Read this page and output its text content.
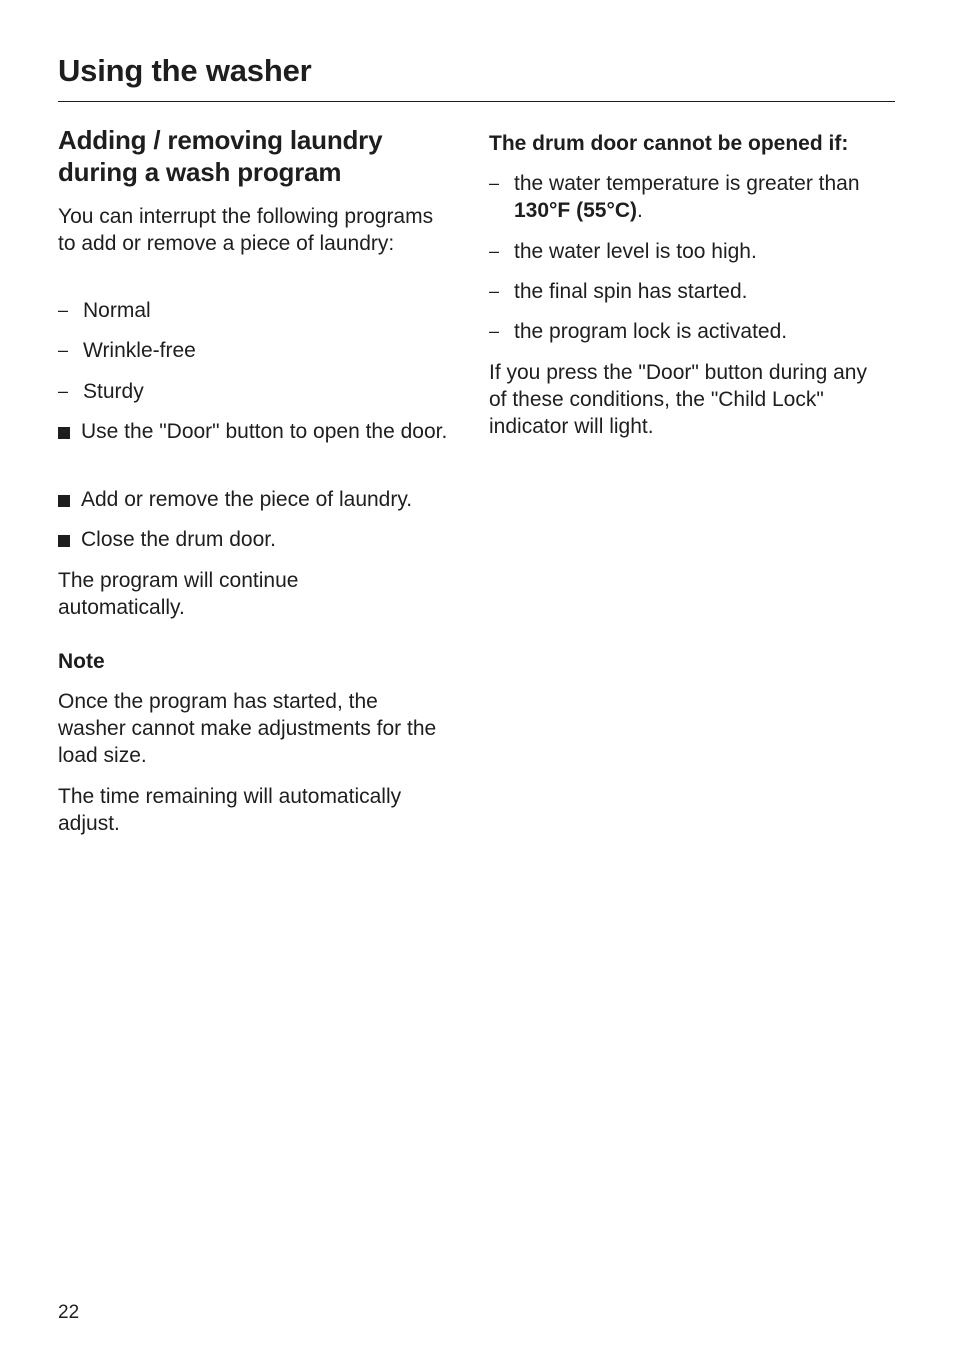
Using the washer
Adding / removing laundry
during a wash program

You can interrupt the following programs to add or remove a piece of laundry:

– Normal
– Wrinkle-free
– Sturdy
Use the "Door" button to open the door.
Add or remove the piece of laundry.
Close the drum door.

The program will continue automatically.

Note

Once the program has started, the washer cannot make adjustments for the load size.

The time remaining will automatically adjust.

The drum door cannot be opened if:
– the water temperature is greater than 130°F (55°C).
– the water level is too high.
– the final spin has started.
– the program lock is activated.

If you press the "Door" button during any of these conditions, the "Child Lock" indicator will light.

22
